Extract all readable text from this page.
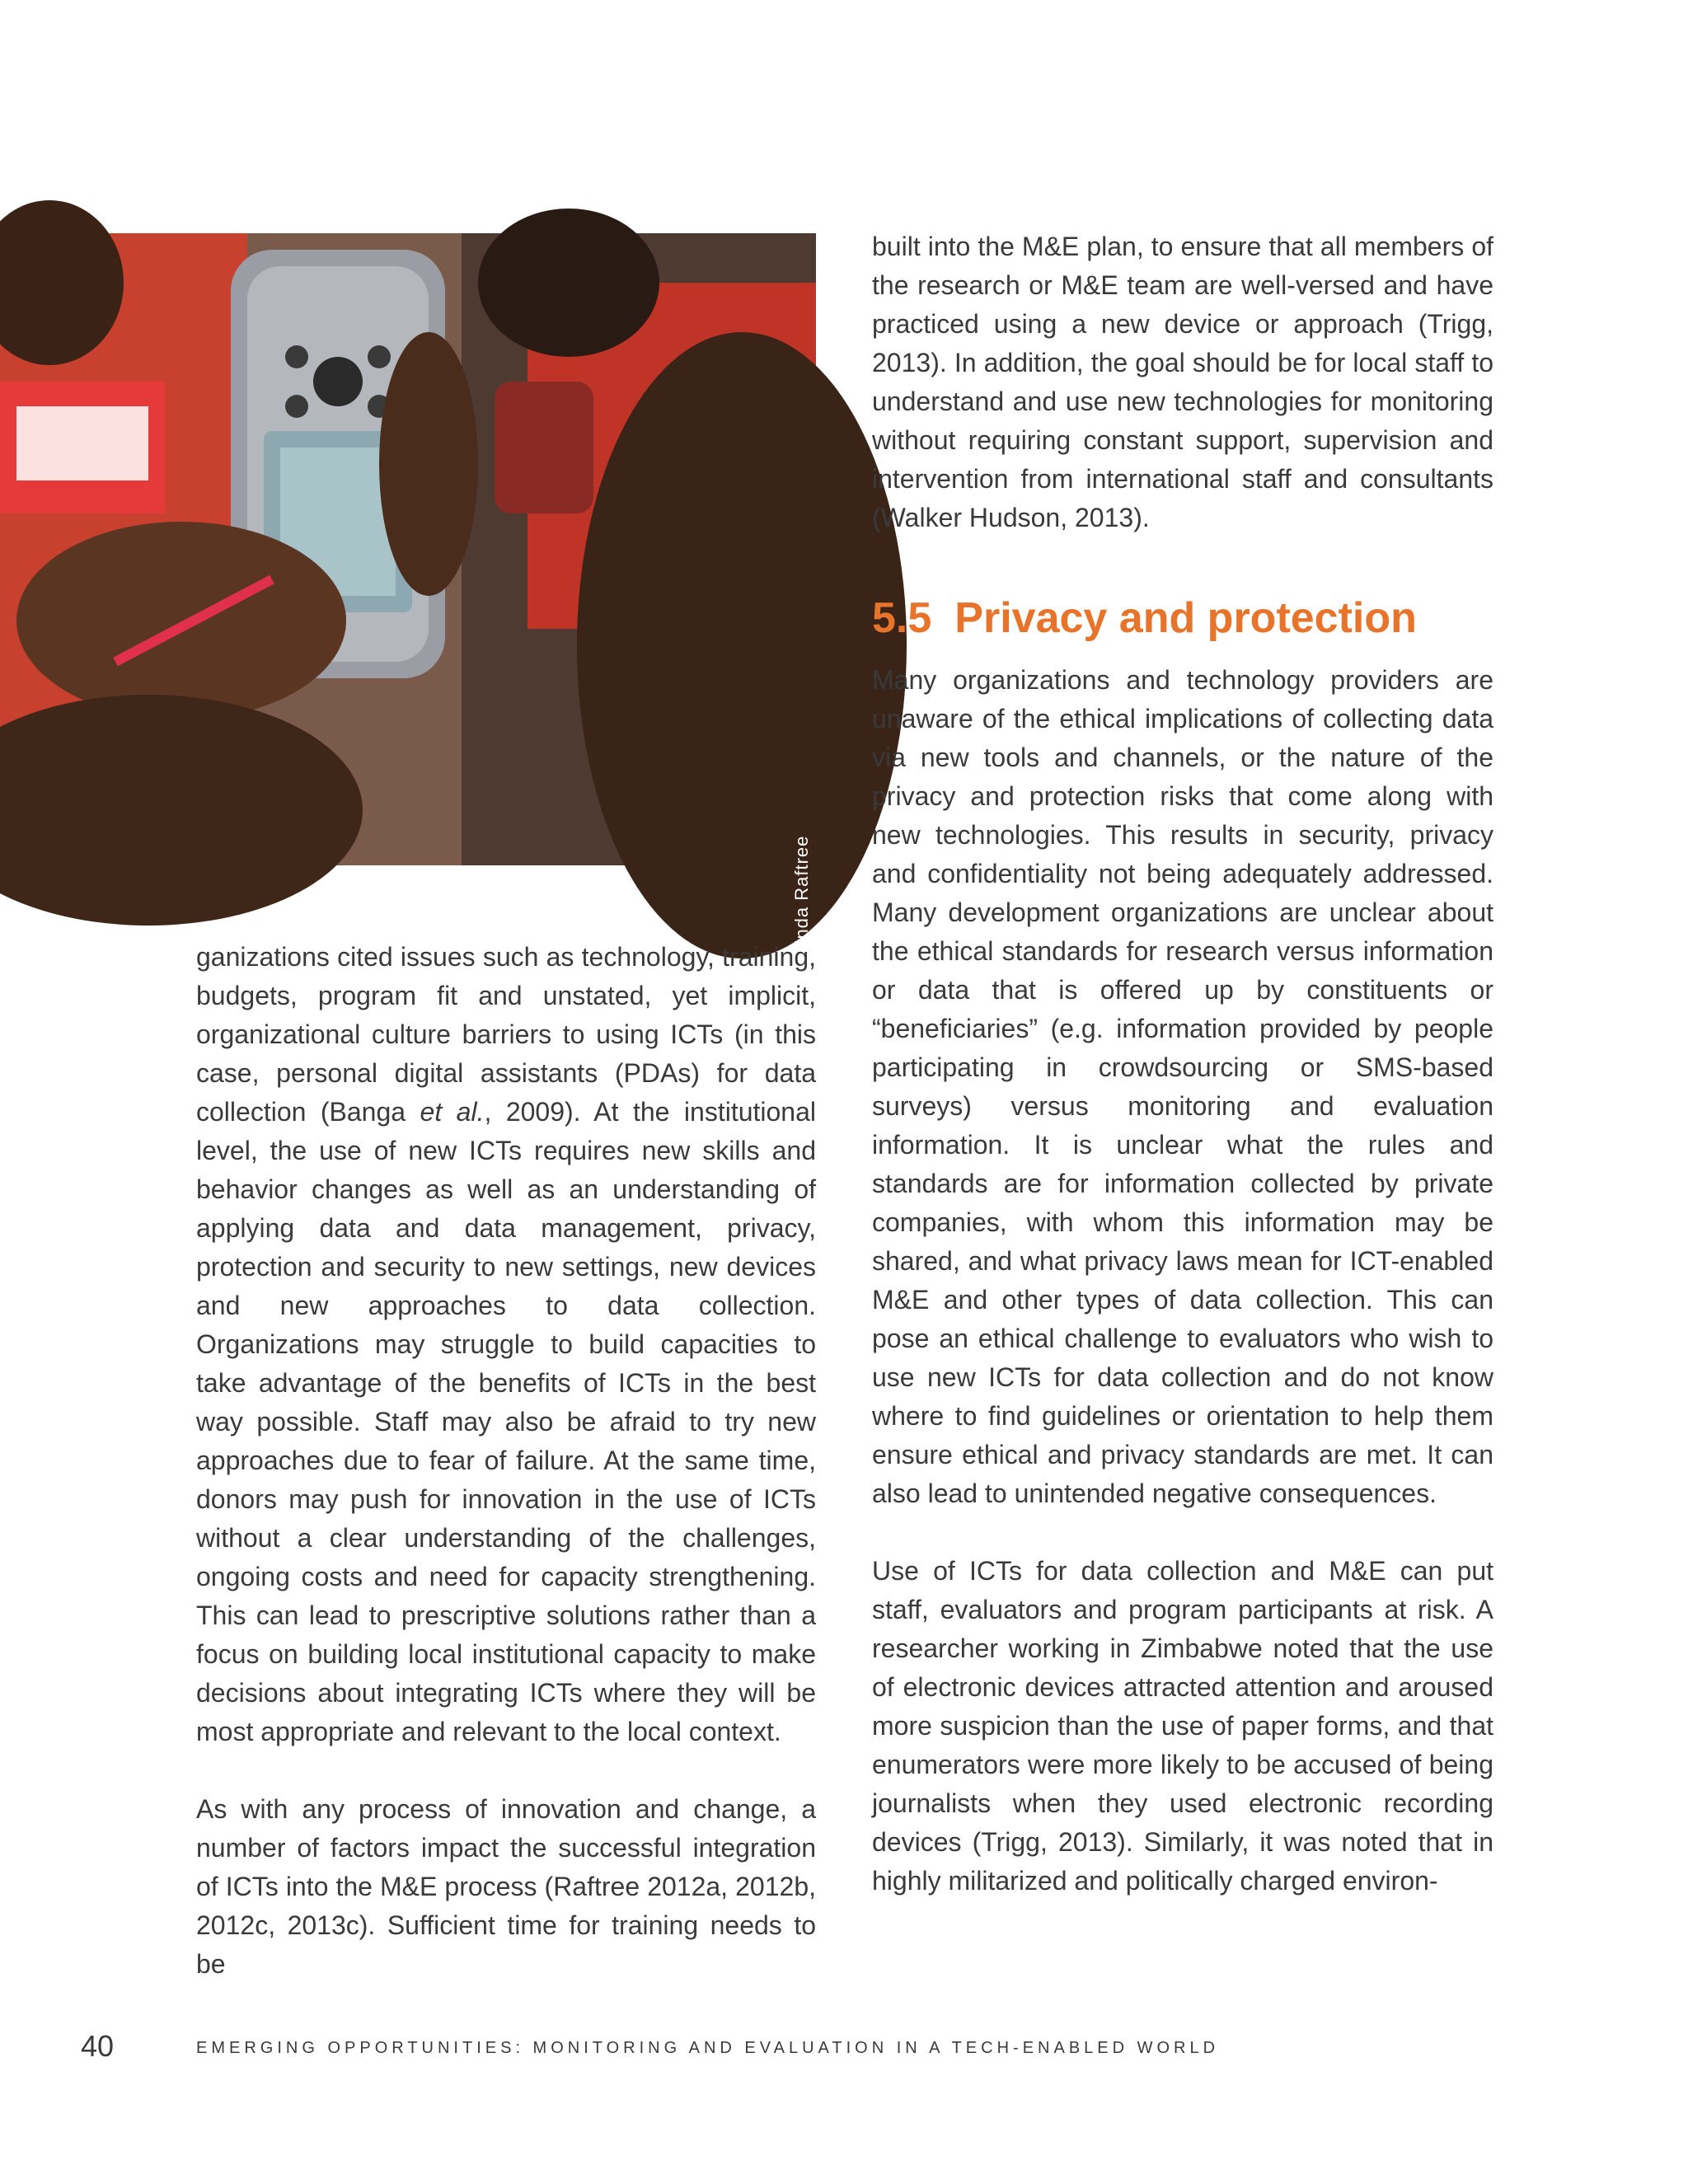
© Linda Raftree

ganizations cited issues such as technology, training, budgets, program fit and unstated, yet implicit, organizational culture barriers to using ICTs (in this case, personal digital assistants (PDAs) for data collection (Banga et al., 2009). At the institutional level, the use of new ICTs requires new skills and behavior changes as well as an understanding of applying data and data management, privacy, protection and security to new settings, new devices and new approaches to data collection. Organizations may struggle to build capacities to take advantage of the benefits of ICTs in the best way possible. Staff may also be afraid to try new approaches due to fear of failure. At the same time, donors may push for innovation in the use of ICTs without a clear understanding of the challenges, ongoing costs and need for capacity strengthening. This can lead to prescriptive solutions rather than a focus on building local institutional capacity to make decisions about integrating ICTs where they will be most appropriate and relevant to the local context.

As with any process of innovation and change, a number of factors impact the successful integration of ICTs into the M&E process (Raftree 2012a, 2012b, 2012c, 2013c). Sufficient time for training needs to be

built into the M&E plan, to ensure that all members of the research or M&E team are well-versed and have practiced using a new device or approach (Trigg, 2013). In addition, the goal should be for local staff to understand and use new technologies for monitoring without requiring constant support, supervision and intervention from international staff and consultants (Walker Hudson, 2013).

5.5 Privacy and protection

Many organizations and technology providers are unaware of the ethical implications of collecting data via new tools and channels, or the nature of the privacy and protection risks that come along with new technologies. This results in security, privacy and confidentiality not being adequately addressed. Many development organizations are unclear about the ethical standards for research versus information or data that is offered up by constituents or “beneficiaries” (e.g. information provided by people participating in crowdsourcing or SMS-based surveys) versus monitoring and evaluation information. It is unclear what the rules and standards are for information collected by private companies, with whom this information may be shared, and what privacy laws mean for ICT-enabled M&E and other types of data collection. This can pose an ethical challenge to evaluators who wish to use new ICTs for data collection and do not know where to find guidelines or orientation to help them ensure ethical and privacy standards are met. It can also lead to unintended negative consequences.

Use of ICTs for data collection and M&E can put staff, evaluators and program participants at risk. A researcher working in Zimbabwe noted that the use of electronic devices attracted attention and aroused more suspicion than the use of paper forms, and that enumerators were more likely to be accused of being journalists when they used electronic recording devices (Trigg, 2013). Similarly, it was noted that in highly militarized and politically charged environ-

40	EMERGING OPPORTUNITIES: MONITORING AND EVALUATION IN A TECH-ENABLED WORLD
